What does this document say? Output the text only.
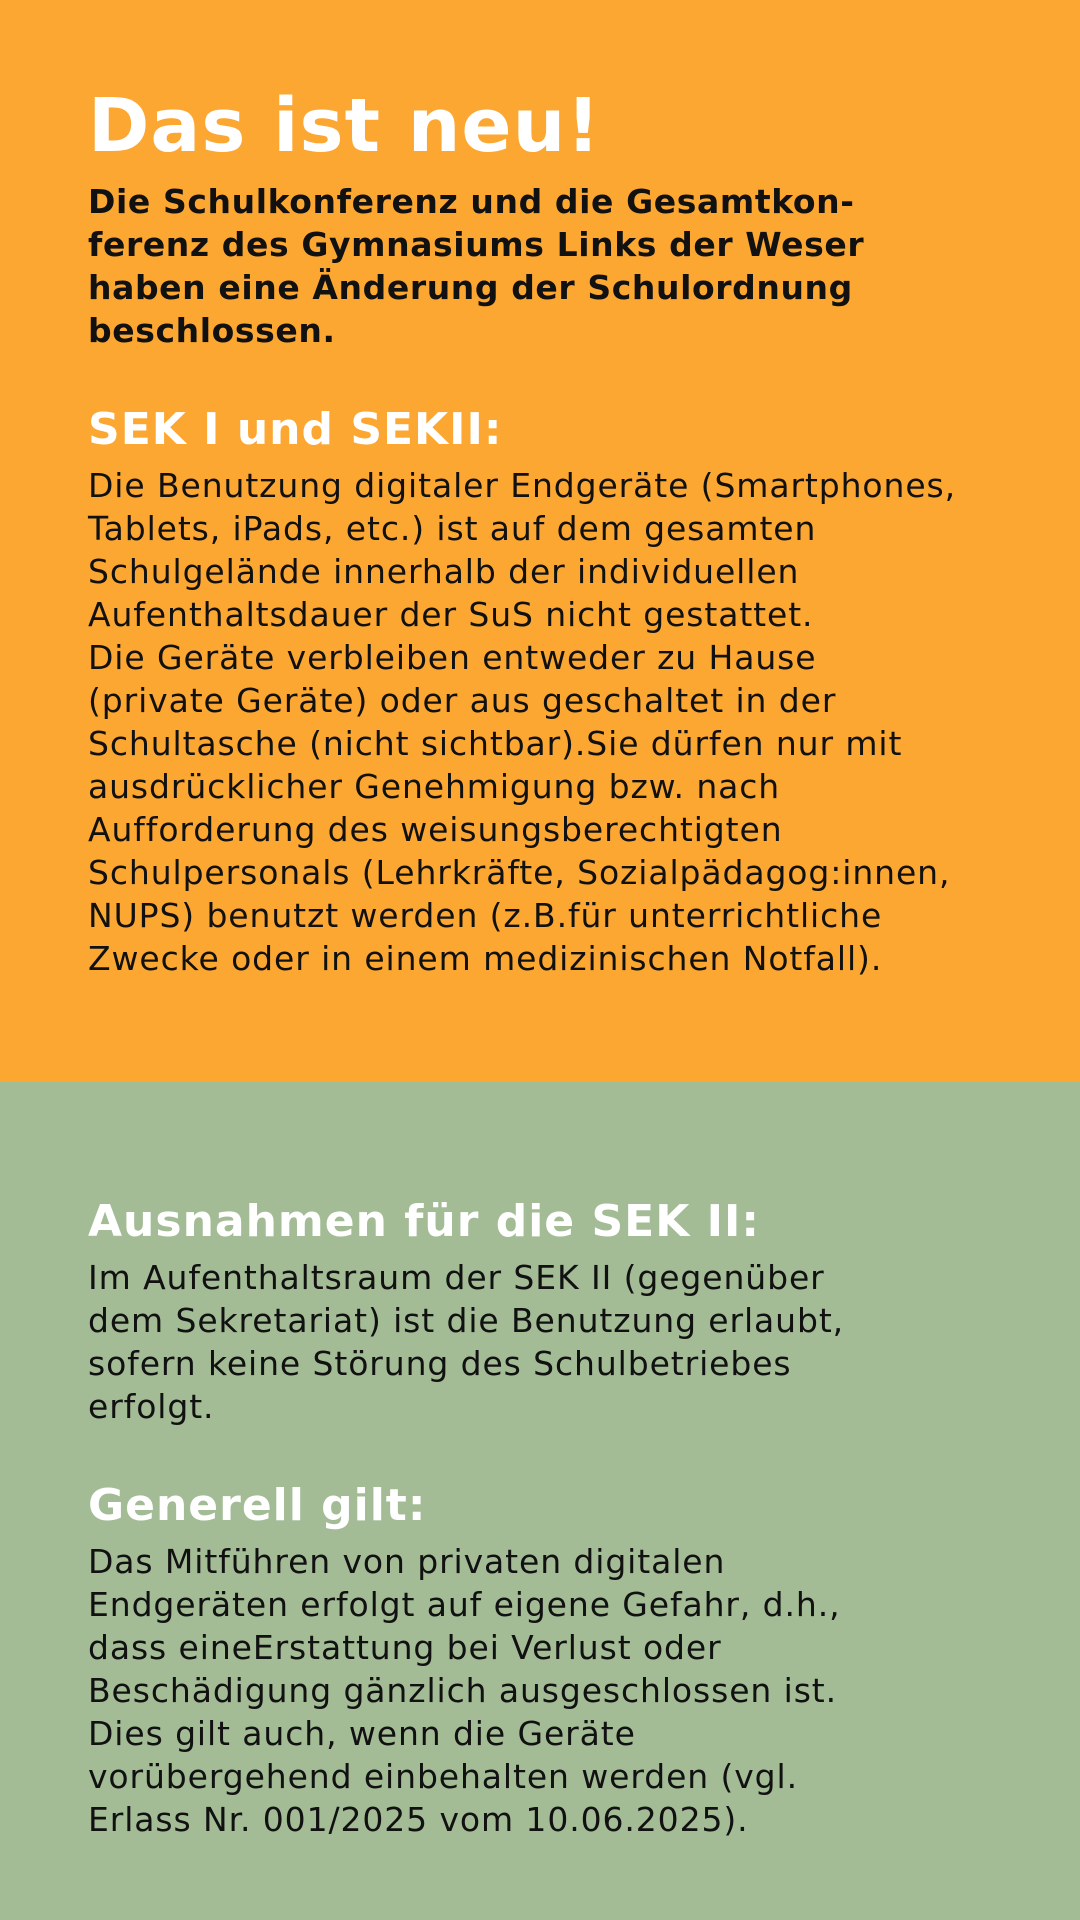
Das ist neu!

Die Schulkonferenz und die Gesamtkon-
ferenz des Gymnasiums Links der Weser
haben eine Änderung der Schulordnung
beschlossen.

SEK I und SEKII:

Die Benutzung digitaler Endgeräte (Smartphones,
Tablets, iPads, etc.) ist auf dem gesamten
Schulgelände innerhalb der individuellen
Aufenthaltsdauer der SuS nicht gestattet.
Die Geräte verbleiben entweder zu Hause
(private Geräte) oder aus geschaltet in der
Schultasche (nicht sichtbar).Sie dürfen nur mit
ausdrücklicher Genehmigung bzw. nach
Aufforderung des weisungsberechtigten
Schulpersonals (Lehrkräfte, Sozialpädagog:innen,
NUPS) benutzt werden (z.B.für unterrichtliche
Zwecke oder in einem medizinischen Notfall).

Ausnahmen für die SEK II:

Im Aufenthaltsraum der SEK II (gegenüber
dem Sekretariat) ist die Benutzung erlaubt,
sofern keine Störung des Schulbetriebes
erfolgt.

Generell gilt:

Das Mitführen von privaten digitalen
Endgeräten erfolgt auf eigene Gefahr, d.h.,
dass eineErstattung bei Verlust oder
Beschädigung gänzlich ausgeschlossen ist.
Dies gilt auch, wenn die Geräte
vorübergehend einbehalten werden (vgl.
Erlass Nr. 001/2025 vom 10.06.2025).
